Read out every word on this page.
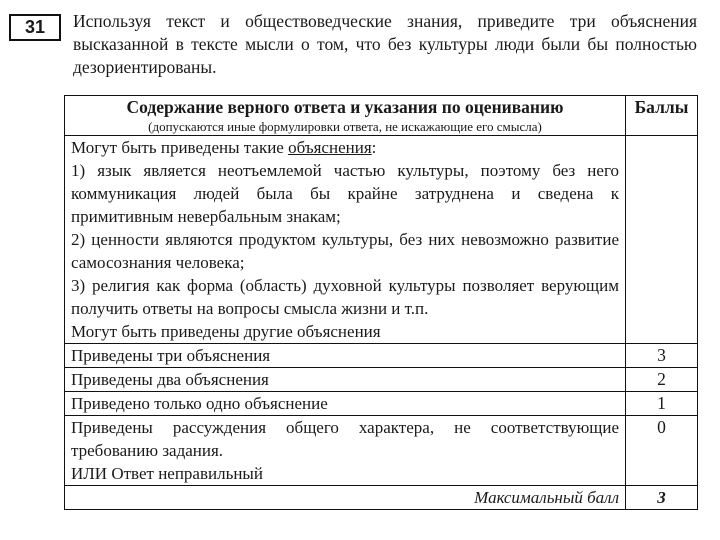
31	Используя текст и обществоведческие знания, приведите три объяснения высказанной в тексте мысли о том, что без культуры люди были бы полностью дезориентированы.

Содержание верного ответа и указания по оцениванию
(допускаются иные формулировки ответа, не искажающие его смысла)	Баллы

Могут быть приведены такие объяснения:

1) язык является неотъемлемой частью культуры, поэтому без него коммуникация людей была бы крайне затруднена и сведена к примитивным невербальным знакам;

2) ценности являются продуктом культуры, без них невозможно развитие самосознания человека;

3) религия как форма (область) духовной культуры позволяет верующим получить ответы на вопросы смысла жизни и т.п.

Могут быть приведены другие объяснения	

Приведены три объяснения	3
Приведены два объяснения	2
Приведено только одно объяснение	1

Приведены рассуждения общего характера, не соответствующие требованию задания.

ИЛИ Ответ неправильный	0
Максимальный балл	3
